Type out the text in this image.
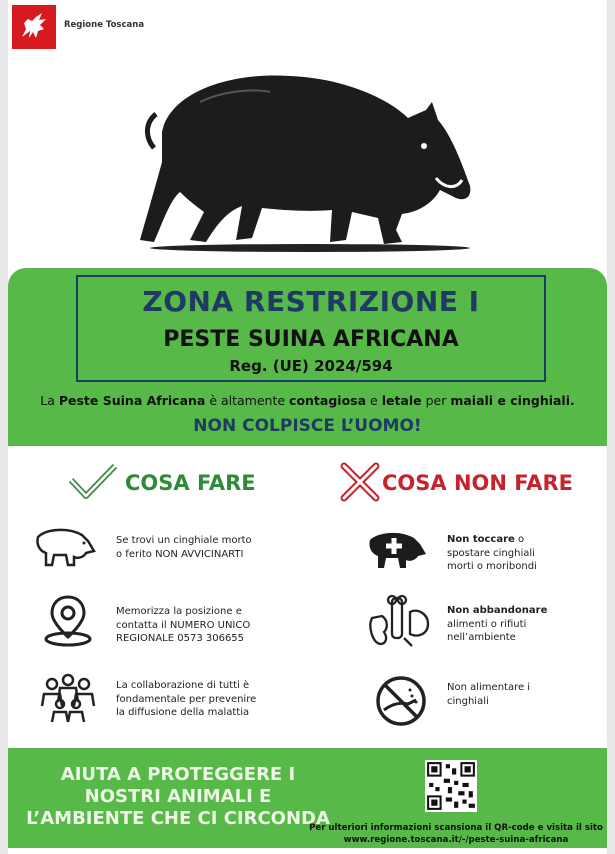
Regione Toscana
ZONA RESTRIZIONE I
PESTE SUINA AFRICANA
Reg. (UE) 2024/594
La Peste Suina Africana è altamente contagiosa e letale per maiali e cinghiali.
NON COLPISCE L’UOMO!
COSA FARE	COSA NON FARE
Se trovi un cinghiale morto
o ferito NON AVVICINARTI
Memorizza la posizione e
contatta il NUMERO UNICO
REGIONALE 0573 306655
La collaborazione di tutti è
fondamentale per prevenire
la diffusione della malattia
Non toccare o
spostare cinghiali
morti o moribondi
Non abbandonare
alimenti o rifiuti
nell’ambiente
Non alimentare i
cinghiali
AIUTA A PROTEGGERE I
NOSTRI ANIMALI E
L’AMBIENTE CHE CI CIRCONDA
Per ulteriori informazioni scansiona il QR-code e visita il sito
www.regione.toscana.it/-/peste-suina-africana
